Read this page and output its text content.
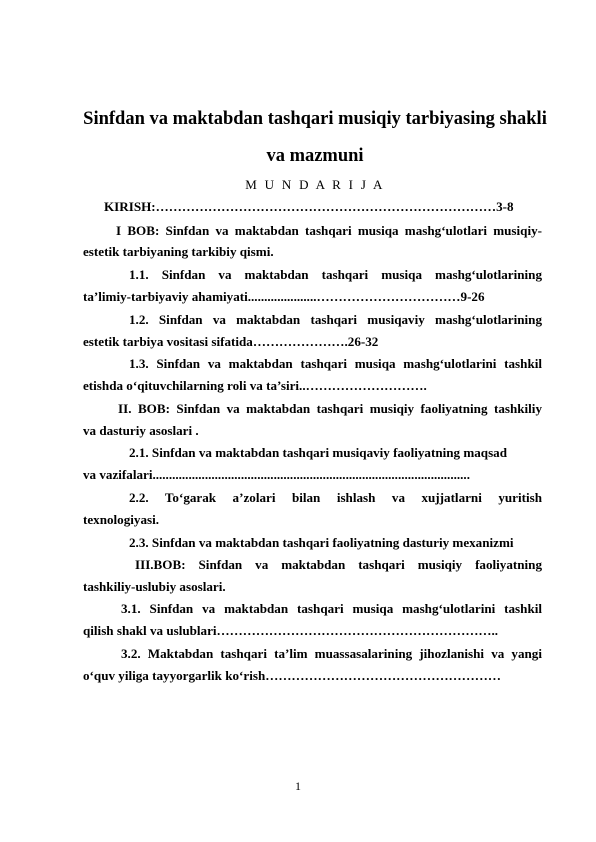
Sinfdan va maktabdan tashqari musiqiy tarbiyasing shakli
va mazmuni
M U N D A R I J A
KIRISH:……………………………………………………………………3-8
I BOB: Sinfdan va maktabdan tashqari musiqa mashg‘ulotlari musiqiy-
estetik tarbiyaning tarkibiy qismi.
1.1. Sinfdan va maktabdan tashqari musiqa mashg‘ulotlarining
ta’limiy-tarbiyaviy ahamiyati.....................……………………………9-26
1.2. Sinfdan va maktabdan tashqari musiqaviy mashg‘ulotlarining
estetik tarbiya vositasi sifatida………………….26-32
1.3. Sinfdan va maktabdan tashqari musiqa mashg‘ulotlarini tashkil
etishda o‘qituvchilarning roli va ta’siri..……………………….
II. BOB: Sinfdan va maktabdan tashqari musiqiy faoliyatning tashkiliy
va dasturiy asoslari .
2.1. Sinfdan va maktabdan tashqari musiqaviy faoliyatning maqsad
va vazifalari.................................................................................................
2.2. To‘garak a’zolari bilan ishlash va xujjatlarni yuritish
texnologiyasi.
2.3. Sinfdan va maktabdan tashqari faoliyatning dasturiy mexanizmi
III.BOB: Sinfdan va maktabdan tashqari musiqiy faoliyatning
tashkiliy-uslubiy asoslari.
3.1. Sinfdan va maktabdan tashqari musiqa mashg‘ulotlarini tashkil
qilish shakl va uslublari………………………………………………………..
3.2. Maktabdan tashqari ta’lim muassasalarining jihozlanishi va yangi
o‘quv yiliga tayyorgarlik ko‘rish………………………………………………
1
